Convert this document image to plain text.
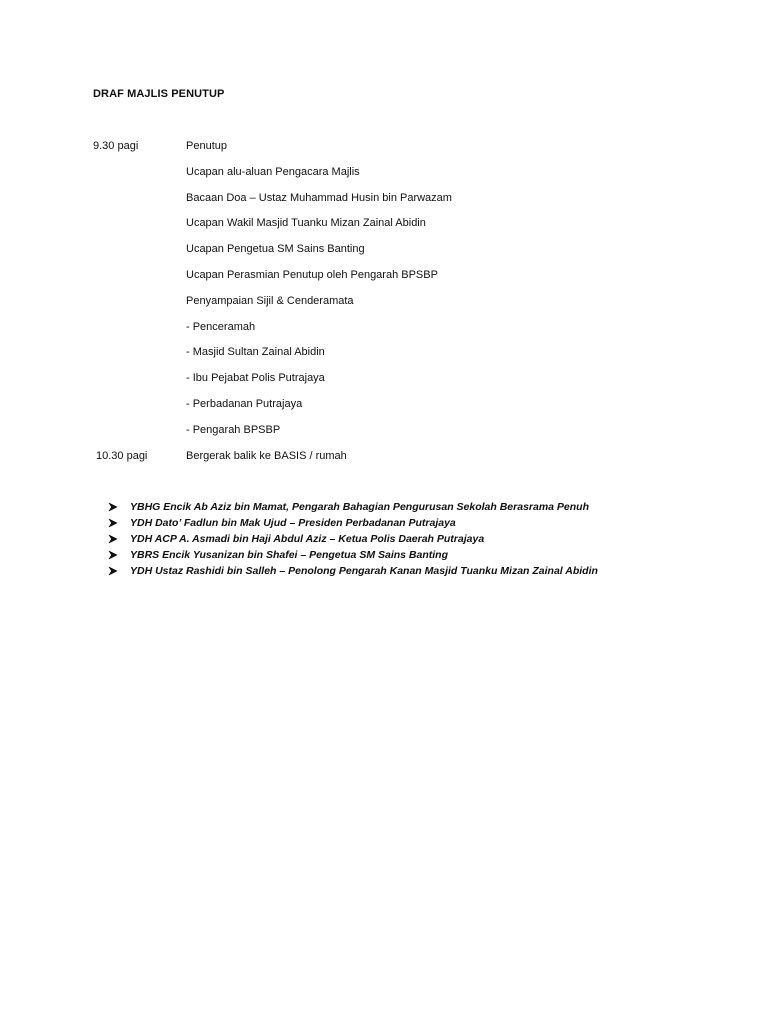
DRAF MAJLIS PENUTUP
9.30 pagi	Penutup
Ucapan alu-aluan Pengacara Majlis
Bacaan Doa – Ustaz Muhammad Husin bin Parwazam
Ucapan Wakil Masjid Tuanku Mizan Zainal Abidin
Ucapan Pengetua SM Sains Banting
Ucapan Perasmian Penutup oleh Pengarah BPSBP
Penyampaian Sijil & Cenderamata
- Penceramah
- Masjid Sultan Zainal Abidin
- Ibu Pejabat Polis Putrajaya
- Perbadanan Putrajaya
- Pengarah BPSBP
10.30 pagi	Bergerak balik ke BASIS / rumah
YBHG Encik Ab Aziz bin Mamat, Pengarah Bahagian Pengurusan Sekolah Berasrama Penuh
YDH Dato’ Fadlun bin Mak Ujud – Presiden Perbadanan Putrajaya
YDH ACP A. Asmadi bin Haji Abdul Aziz – Ketua Polis Daerah Putrajaya
YBRS Encik Yusanizan bin Shafei – Pengetua SM Sains Banting
YDH Ustaz Rashidi bin Salleh – Penolong Pengarah Kanan Masjid Tuanku Mizan Zainal Abidin
